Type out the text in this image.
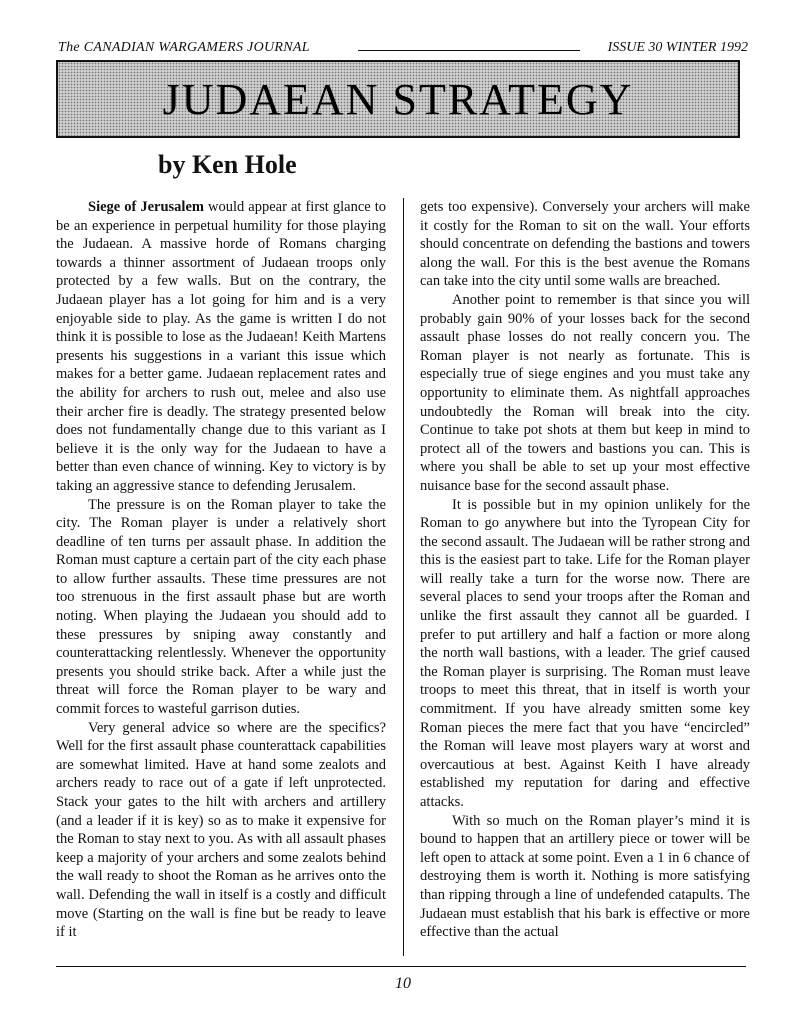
The CANADIAN WARGAMERS JOURNAL	ISSUE 30 WINTER 1992
JUDAEAN STRATEGY
by Ken Hole

Siege of Jerusalem would appear at first glance to be an experience in perpetual humility for those playing the Judaean. A massive horde of Romans charging towards a thinner assortment of Judaean troops only protected by a few walls. But on the contrary, the Judaean player has a lot going for him and is a very enjoyable side to play. As the game is written I do not think it is possible to lose as the Judaean! Keith Martens presents his suggestions in a variant this issue which makes for a better game. Judaean replacement rates and the ability for archers to rush out, melee and also use their archer fire is deadly. The strategy presented below does not fundamentally change due to this variant as I believe it is the only way for the Judaean to have a better than even chance of winning. Key to victory is by taking an aggressive stance to defending Jerusalem.

The pressure is on the Roman player to take the city. The Roman player is under a relatively short deadline of ten turns per assault phase. In addition the Roman must capture a certain part of the city each phase to allow further assaults. These time pressures are not too strenuous in the first assault phase but are worth noting. When playing the Judaean you should add to these pressures by sniping away constantly and counterattacking relentlessly. Whenever the opportunity presents you should strike back. After a while just the threat will force the Roman player to be wary and commit forces to wasteful garrison duties.

Very general advice so where are the specifics? Well for the first assault phase counterattack capabilities are somewhat limited. Have at hand some zealots and archers ready to race out of a gate if left unprotected. Stack your gates to the hilt with archers and artillery (and a leader if it is key) so as to make it expensive for the Roman to stay next to you. As with all assault phases keep a majority of your archers and some zealots behind the wall ready to shoot the Roman as he arrives onto the wall. Defending the wall in itself is a costly and difficult move (Starting on the wall is fine but be ready to leave if it

gets too expensive). Conversely your archers will make it costly for the Roman to sit on the wall. Your efforts should concentrate on defending the bastions and towers along the wall. For this is the best avenue the Romans can take into the city until some walls are breached.

Another point to remember is that since you will probably gain 90% of your losses back for the second assault phase losses do not really concern you. The Roman player is not nearly as fortunate. This is especially true of siege engines and you must take any opportunity to eliminate them. As nightfall approaches undoubtedly the Roman will break into the city. Continue to take pot shots at them but keep in mind to protect all of the towers and bastions you can. This is where you shall be able to set up your most effective nuisance base for the second assault phase.

It is possible but in my opinion unlikely for the Roman to go anywhere but into the Tyropean City for the second assault. The Judaean will be rather strong and this is the easiest part to take. Life for the Roman player will really take a turn for the worse now. There are several places to send your troops after the Roman and unlike the first assault they cannot all be guarded. I prefer to put artillery and half a faction or more along the north wall bastions, with a leader. The grief caused the Roman player is surprising. The Roman must leave troops to meet this threat, that in itself is worth your commitment. If you have already smitten some key Roman pieces the mere fact that you have “encircled” the Roman will leave most players wary at worst and overcautious at best. Against Keith I have already established my reputation for daring and effective attacks.

With so much on the Roman player’s mind it is bound to happen that an artillery piece or tower will be left open to attack at some point. Even a 1 in 6 chance of destroying them is worth it. Nothing is more satisfying than ripping through a line of undefended catapults. The Judaean must establish that his bark is effective or more effective than the actual

10
